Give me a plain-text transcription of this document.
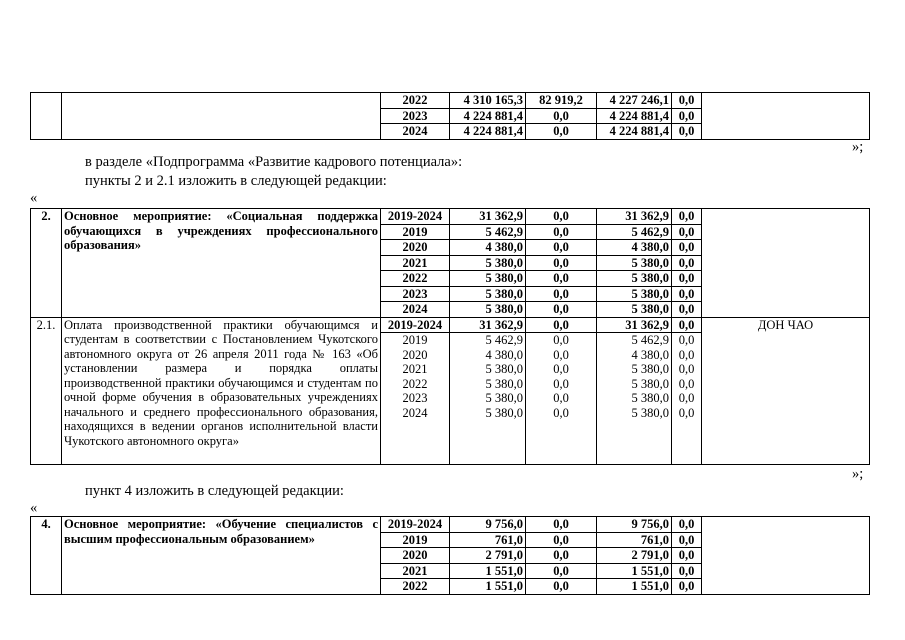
		2022	4 310 165,3	82 919,2	4 227 246,1	0,0	
		2023	4 224 881,4	0,0	4 224 881,4	0,0	
		2024	4 224 881,4	0,0	4 224 881,4	0,0	
»;
в разделе «Подпрограмма «Развитие кадрового потенциала»:
пункты 2 и 2.1 изложить в следующей редакции:
«
2.	Основное мероприятие: «Социальная поддержка обучающихся в учреждениях профессионального образования»	2019-2024	31 362,9	0,0	31 362,9	0,0	
		2019	5 462,9	0,0	5 462,9	0,0	
		2020	4 380,0	0,0	4 380,0	0,0	
		2021	5 380,0	0,0	5 380,0	0,0	
		2022	5 380,0	0,0	5 380,0	0,0	
		2023	5 380,0	0,0	5 380,0	0,0	
		2024	5 380,0	0,0	5 380,0	0,0	
2.1.	Оплата производственной практики обучающимся и студентам в соответствии с Постановлением Чукотского автономного округа от 26 апреля 2011 года № 163 «Об установлении размера и порядка оплаты производственной практики обучающимся и студентам по очной форме обучения в образовательных учреждениях начального и среднего профессионального образования, находящихся в ведении органов исполнительной власти Чукотского автономного округа»	2019-2024	31 362,9	0,0	31 362,9	0,0	ДОН ЧАО
		2019	5 462,9	0,0	5 462,9	0,0	
		2020	4 380,0	0,0	4 380,0	0,0	
		2021	5 380,0	0,0	5 380,0	0,0	
		2022	5 380,0	0,0	5 380,0	0,0	
		2023	5 380,0	0,0	5 380,0	0,0	
		2024	5 380,0	0,0	5 380,0	0,0	
»;
пункт 4 изложить в следующей редакции:
«
4.	Основное мероприятие: «Обучение специалистов с высшим профессиональным образованием»	2019-2024	9 756,0	0,0	9 756,0	0,0	
		2019	761,0	0,0	761,0	0,0	
		2020	2 791,0	0,0	2 791,0	0,0	
		2021	1 551,0	0,0	1 551,0	0,0	
		2022	1 551,0	0,0	1 551,0	0,0	
